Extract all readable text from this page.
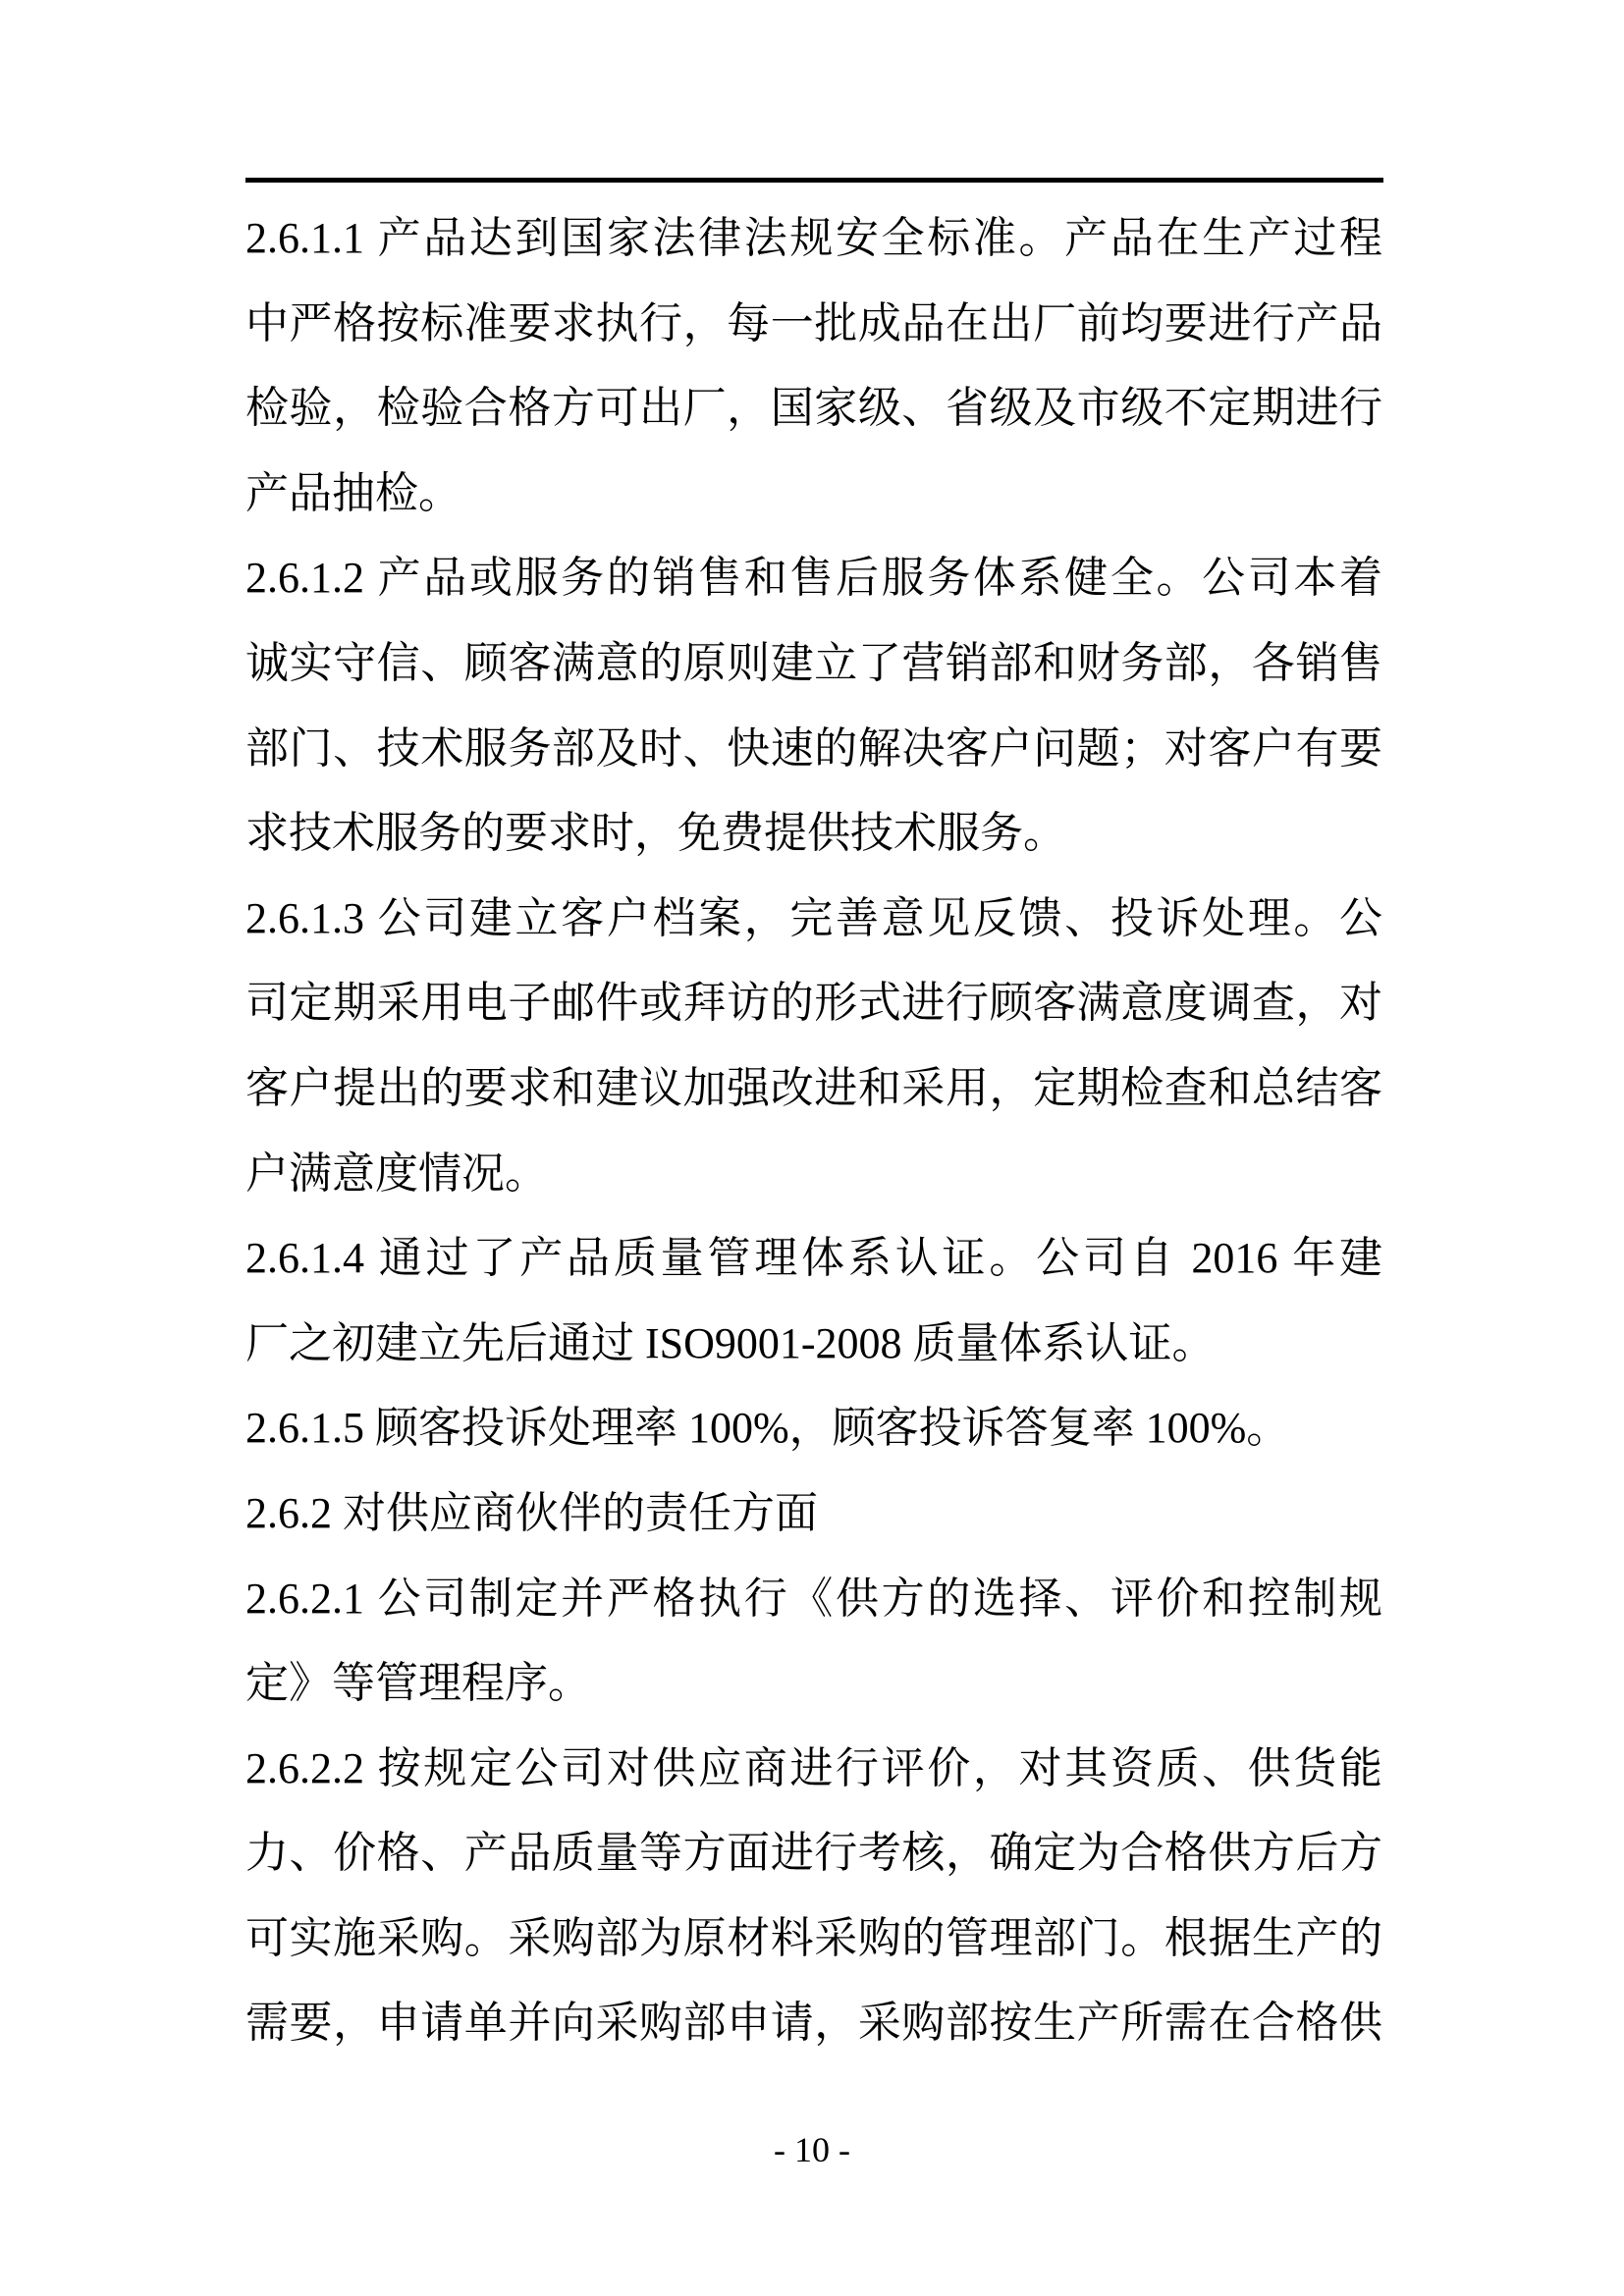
2.6.1.1 产品达到国家法律法规安全标准。产品在生产过程
中严格按标准要求执行，每一批成品在出厂前均要进行产品
检验，检验合格方可出厂，国家级、省级及市级不定期进行
产品抽检。
2.6.1.2 产品或服务的销售和售后服务体系健全。公司本着
诚实守信、顾客满意的原则建立了营销部和财务部，各销售
部门、技术服务部及时、快速的解决客户问题；对客户有要
求技术服务的要求时，免费提供技术服务。
2.6.1.3 公司建立客户档案，完善意见反馈、投诉处理。公
司定期采用电子邮件或拜访的形式进行顾客满意度调查，对
客户提出的要求和建议加强改进和采用，定期检查和总结客
户满意度情况。
2.6.1.4 通过了产品质量管理体系认证。公司自 2016 年建
厂之初建立先后通过 ISO9001-2008 质量体系认证。
2.6.1.5 顾客投诉处理率 100%，顾客投诉答复率 100%。
2.6.2 对供应商伙伴的责任方面
2.6.2.1 公司制定并严格执行《供方的选择、评价和控制规
定》等管理程序。
2.6.2.2 按规定公司对供应商进行评价，对其资质、供货能
力、价格、产品质量等方面进行考核，确定为合格供方后方
可实施采购。采购部为原材料采购的管理部门。根据生产的
需要，申请单并向采购部申请，采购部按生产所需在合格供
- 10 -
